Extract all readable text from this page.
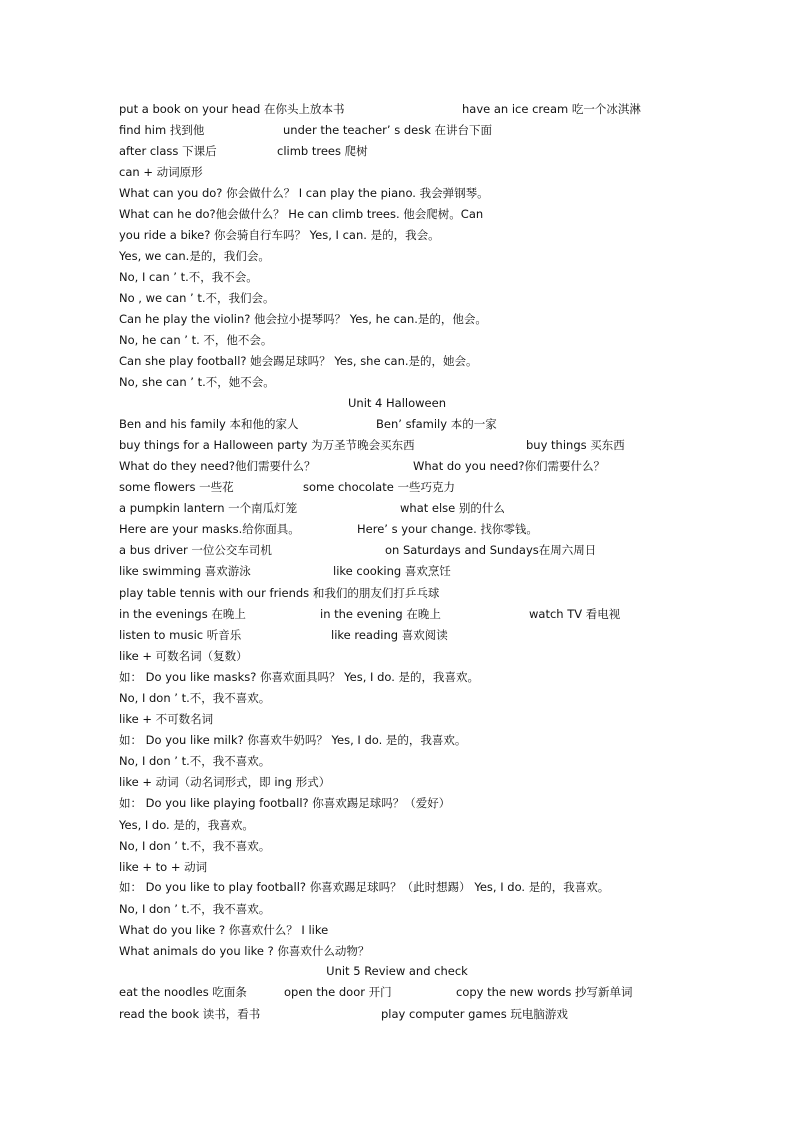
put a book on your head 在你头上放本书	have an ice cream 吃一个冰淇淋
find him 找到他	under the teacher’ s desk 在讲台下面
after class 下课后	climb trees 爬树
can + 动词原形
What can you do? 你会做什么？ I can play the piano. 我会弹钢琴。
What can he do?他会做什么？ He can climb trees. 他会爬树。Can
you ride a bike? 你会骑自行车吗？ Yes, I can. 是的，我会。
Yes, we can.是的，我们会。
No, I can ’ t.不，我不会。
No , we can ’ t.不，我们会。
Can he play the violin? 他会拉小提琴吗？ Yes, he can.是的，他会。
No, he can ’ t. 不，他不会。
Can she play football? 她会踢足球吗？ Yes, she can.是的，她会。
No, she can ’ t.不，她不会。
Unit 4 Halloween
Ben and his family 本和他的家人	Ben’ sfamily 本的一家
buy things for a Halloween party 为万圣节晚会买东西	buy things 买东西
What do they need?他们需要什么？	What do you need?你们需要什么？
some flowers 一些花	some chocolate 一些巧克力
a pumpkin lantern 一个南瓜灯笼	what else 别的什么
Here are your masks.给你面具。	Here’ s your change. 找你零钱。
a bus driver 一位公交车司机	on Saturdays and Sundays在周六周日
like swimming 喜欢游泳	like cooking 喜欢烹饪
play table tennis with our friends 和我们的朋友们打乒乓球
in the evenings 在晚上	in the evening 在晚上	watch TV 看电视
listen to music 听音乐	like reading 喜欢阅读
like + 可数名词（复数）
如： Do you like masks? 你喜欢面具吗？ Yes, I do. 是的，我喜欢。
No, I don ’ t.不，我不喜欢。
like + 不可数名词
如： Do you like milk? 你喜欢牛奶吗？ Yes, I do. 是的，我喜欢。
No, I don ’ t.不，我不喜欢。
like + 动词（动名词形式，即 ing 形式）
如： Do you like playing football? 你喜欢踢足球吗？（爱好）
Yes, I do. 是的，我喜欢。
No, I don ’ t.不，我不喜欢。
like + to + 动词
如： Do you like to play football? 你喜欢踢足球吗？（此时想踢） Yes, I do. 是的，我喜欢。
No, I don ’ t.不，我不喜欢。
What do you like ? 你喜欢什么？ I like
What animals do you like ? 你喜欢什么动物？
Unit 5 Review and check
eat the noodles 吃面条	open the door 开门	copy the new words 抄写新单词
read the book 读书，看书	play computer games 玩电脑游戏
